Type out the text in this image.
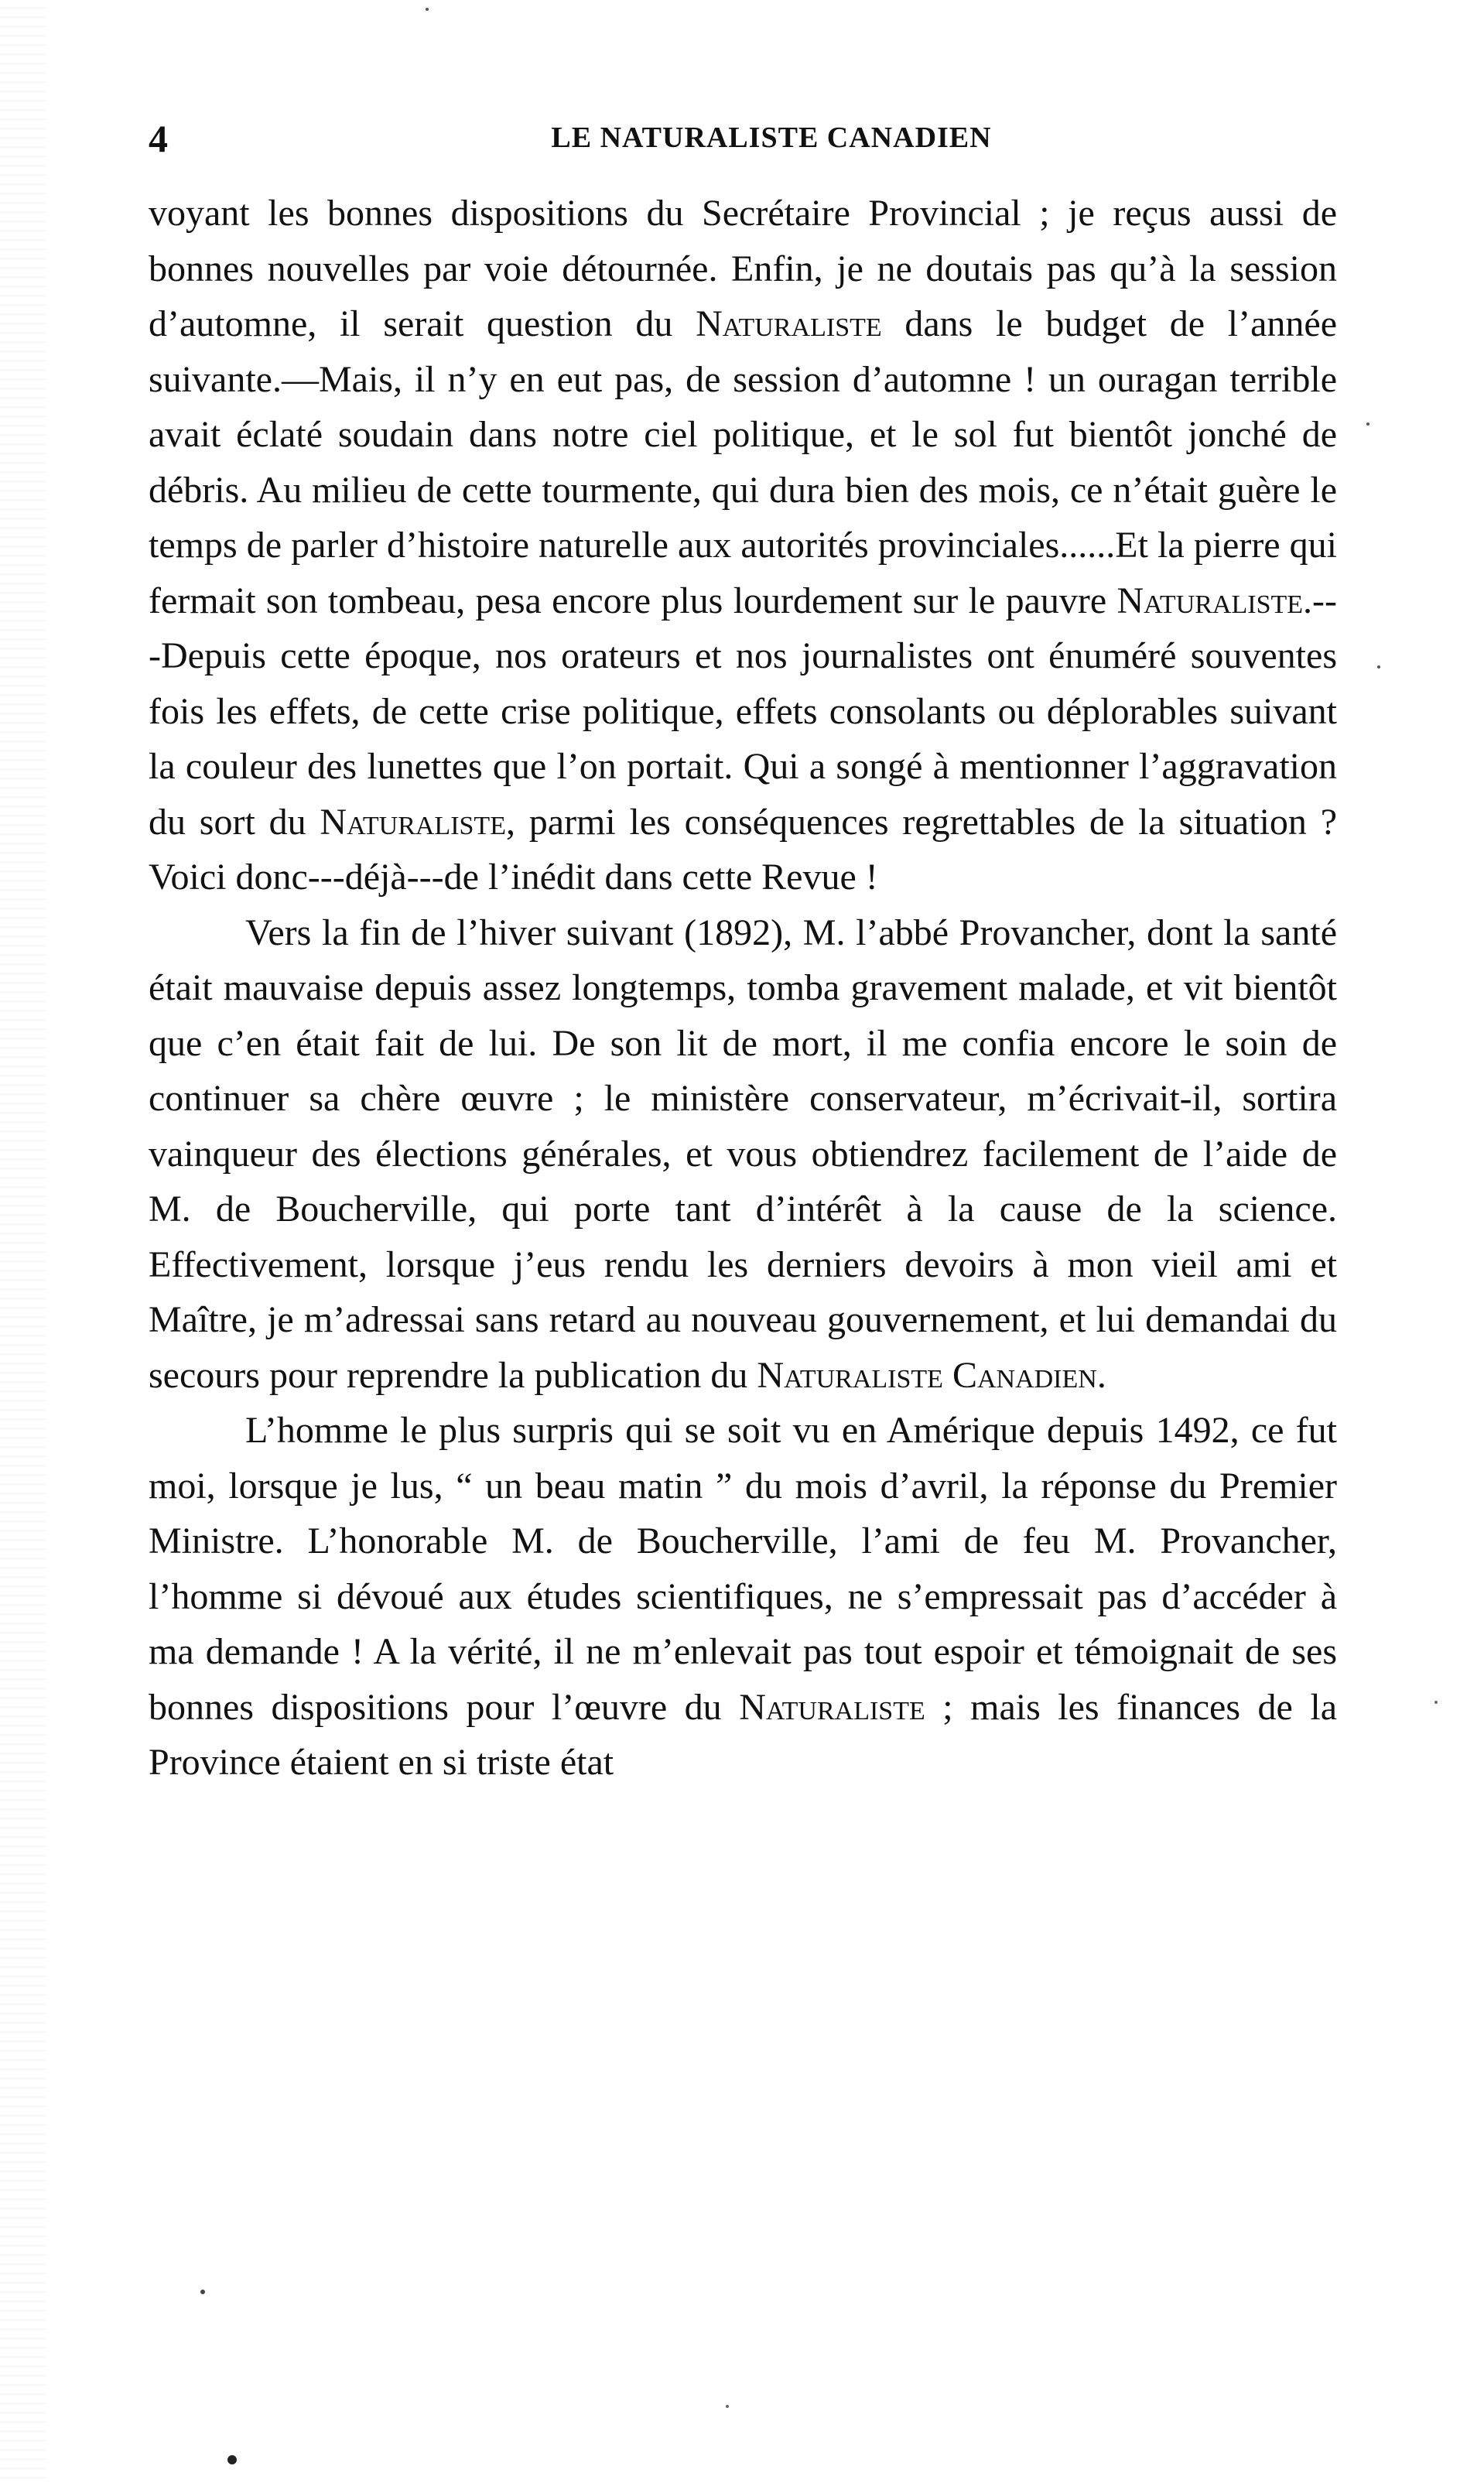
4	LE NATURALISTE CANADIEN

voyant les bonnes dispositions du Secrétaire Provincial ; je reçus aussi de bonnes nouvelles par voie détournée. Enfin, je ne doutais pas qu’à la session d’automne, il serait question du Naturaliste dans le budget de l’année suivante.—Mais, il n’y en eut pas, de session d’automne ! un ouragan terrible avait éclaté soudain dans notre ciel politique, et le sol fut bientôt jonché de débris. Au milieu de cette tourmente, qui dura bien des mois, ce n’était guère le temps de parler d’histoire naturelle aux autorités provinciales......Et la pierre qui fermait son tombeau, pesa encore plus lourdement sur le pauvre Naturaliste.---Depuis cette époque, nos orateurs et nos journalistes ont énuméré souventes fois les effets, de cette crise politique, effets consolants ou déplorables suivant la couleur des lunettes que l’on portait. Qui a songé à mentionner l’aggravation du sort du Naturaliste, parmi les conséquences regrettables de la situation ? Voici donc---déjà---de l’inédit dans cette Revue !

Vers la fin de l’hiver suivant (1892), M. l’abbé Provancher, dont la santé était mauvaise depuis assez longtemps, tomba gravement malade, et vit bientôt que c’en était fait de lui. De son lit de mort, il me confia encore le soin de continuer sa chère œuvre ; le ministère conservateur, m’écrivait-il, sortira vainqueur des élections générales, et vous obtiendrez facilement de l’aide de M. de Boucherville, qui porte tant d’intérêt à la cause de la science. Effectivement, lorsque j’eus rendu les derniers devoirs à mon vieil ami et Maître, je m’adressai sans retard au nouveau gouvernement, et lui demandai du secours pour reprendre la publication du Naturaliste Canadien.

L’homme le plus surpris qui se soit vu en Amérique depuis 1492, ce fut moi, lorsque je lus, “ un beau matin ” du mois d’avril, la réponse du Premier Ministre. L’honorable M. de Boucherville, l’ami de feu M. Provancher, l’homme si dévoué aux études scientifiques, ne s’empressait pas d’accéder à ma demande ! A la vérité, il ne m’enlevait pas tout espoir et témoignait de ses bonnes dispositions pour l’œuvre du Naturaliste ; mais les finances de la Province étaient en si triste état
